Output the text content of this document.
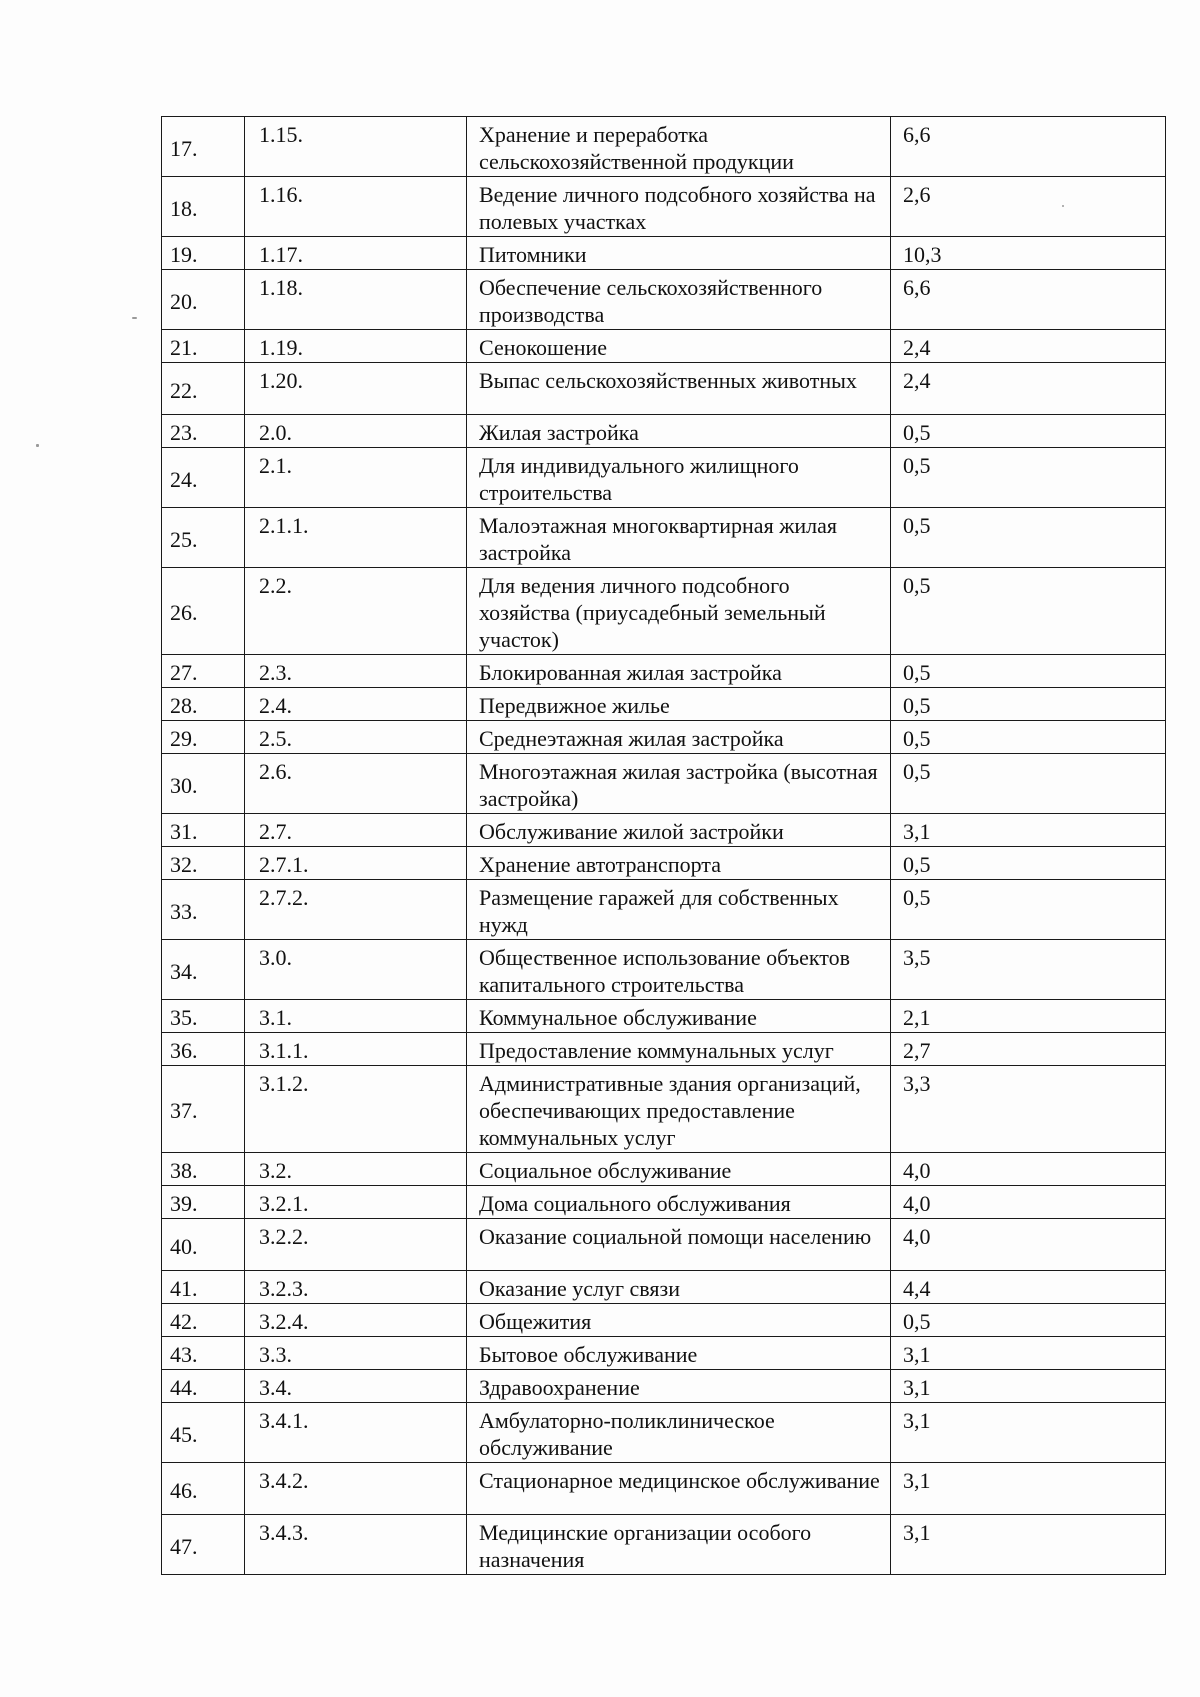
17.	1.15.	Хранение и переработка сельскохозяйственной продукции	6,6
18.	1.16.	Ведение личного подсобного хозяйства на полевых участках	2,6
19.	1.17.	Питомники	10,3
20.	1.18.	Обеспечение сельскохозяйственного производства	6,6
21.	1.19.	Сенокошение	2,4
22.	1.20.	Выпас сельскохозяйственных животных	2,4
23.	2.0.	Жилая застройка	0,5
24.	2.1.	Для индивидуального жилищного строительства	0,5
25.	2.1.1.	Малоэтажная многоквартирная жилая застройка	0,5
26.	2.2.	Для ведения личного подсобного хозяйства (приусадебный земельный участок)	0,5
27.	2.3.	Блокированная жилая застройка	0,5
28.	2.4.	Передвижное жилье	0,5
29.	2.5.	Среднеэтажная жилая застройка	0,5
30.	2.6.	Многоэтажная жилая застройка (высотная застройка)	0,5
31.	2.7.	Обслуживание жилой застройки	3,1
32.	2.7.1.	Хранение автотранспорта	0,5
33.	2.7.2.	Размещение гаражей для собственных нужд	0,5
34.	3.0.	Общественное использование объектов капитального строительства	3,5
35.	3.1.	Коммунальное обслуживание	2,1
36.	3.1.1.	Предоставление коммунальных услуг	2,7
37.	3.1.2.	Административные здания организаций, обеспечивающих предоставление коммунальных услуг	3,3
38.	3.2.	Социальное обслуживание	4,0
39.	3.2.1.	Дома социального обслуживания	4,0
40.	3.2.2.	Оказание социальной помощи населению	4,0
41.	3.2.3.	Оказание услуг связи	4,4
42.	3.2.4.	Общежития	0,5
43.	3.3.	Бытовое обслуживание	3,1
44.	3.4.	Здравоохранение	3,1
45.	3.4.1.	Амбулаторно-поликлиническое обслуживание	3,1
46.	3.4.2.	Стационарное медицинское обслуживание	3,1
47.	3.4.3.	Медицинские организации особого назначения	3,1
